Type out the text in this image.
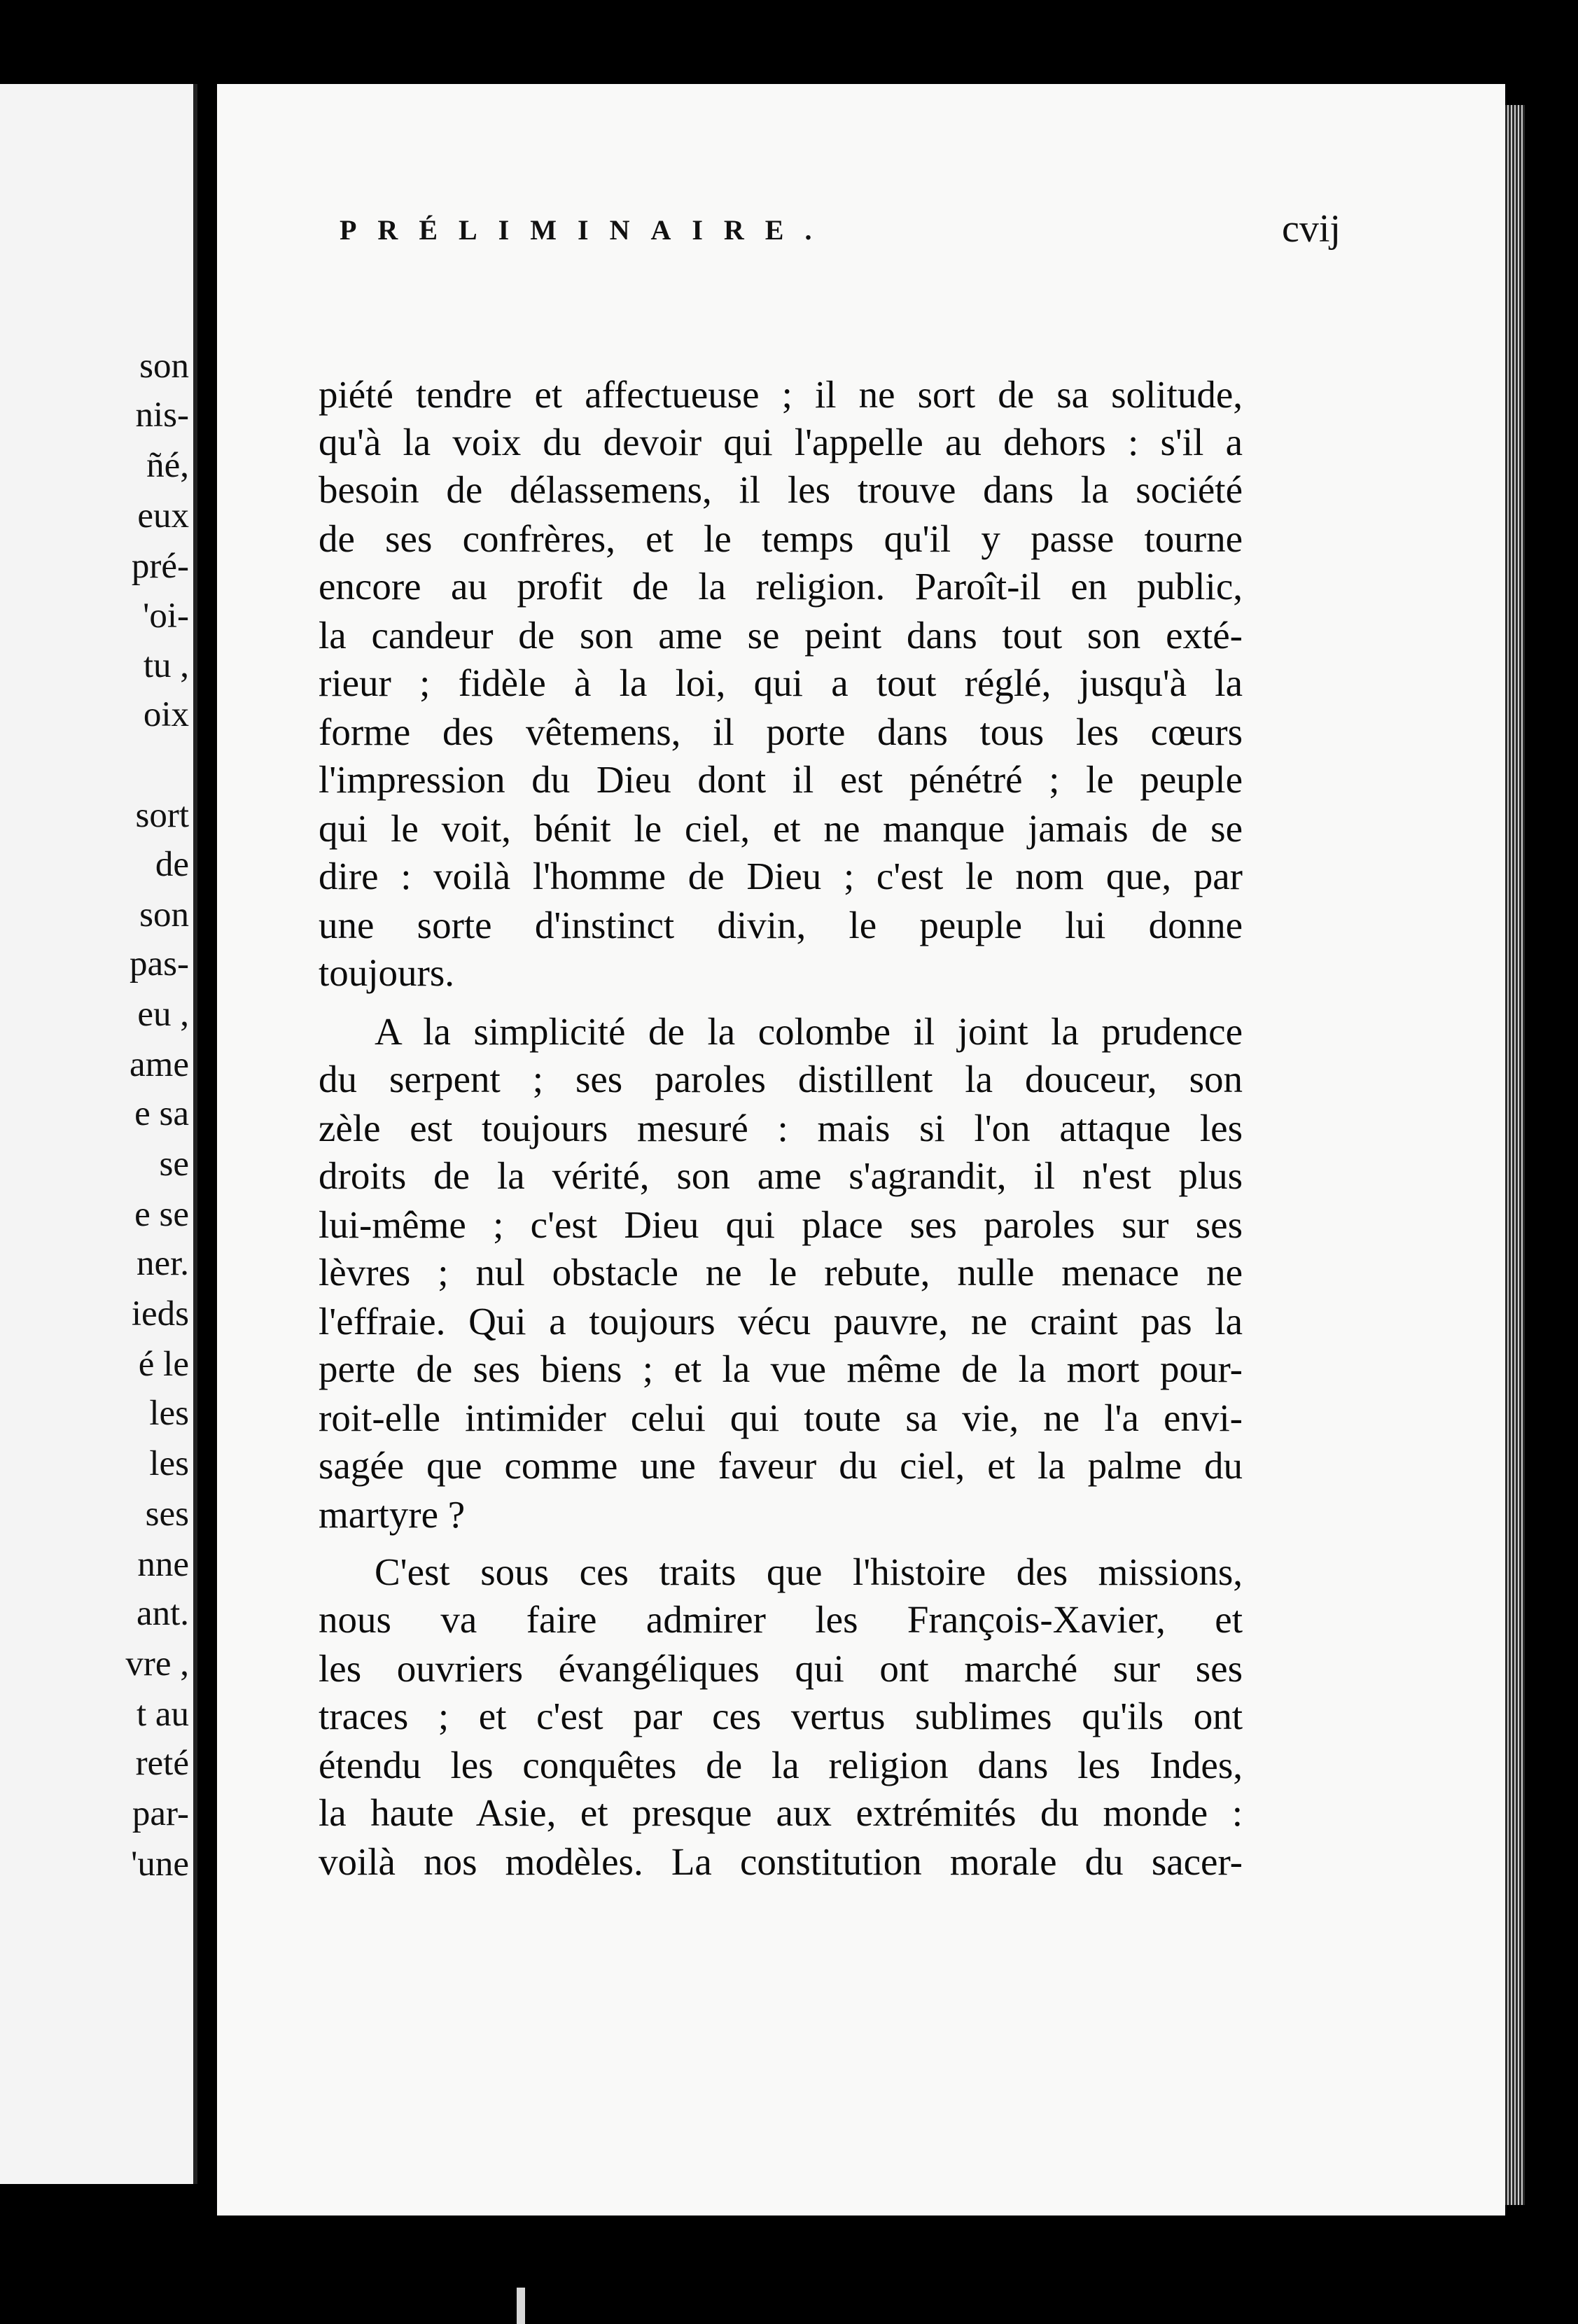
son
nis-
ñé,
eux
pré-
'oi-
tu ,
oix
sort
de
son
pas-
eu ,
ame
e sa
se
e se
ner.
ieds
é le
les
les
ses
nne
ant.
vre ,
t au
reté
par-
'une
PRÉLIMINAIRE.	cvij
piété tendre et affectueuse ; il ne sort de sa solitude,
qu'à la voix du devoir qui l'appelle au dehors : s'il a
besoin de délassemens, il les trouve dans la société
de ses confrères, et le temps qu'il y passe tourne
encore au profit de la religion. Paroît-il en public,
la candeur de son ame se peint dans tout son exté-
rieur ; fidèle à la loi, qui a tout réglé, jusqu'à la
forme des vêtemens, il porte dans tous les cœurs
l'impression du Dieu dont il est pénétré ; le peuple
qui le voit, bénit le ciel, et ne manque jamais de se
dire : voilà l'homme de Dieu ; c'est le nom que, par
une sorte d'instinct divin, le peuple lui donne
toujours.
A la simplicité de la colombe il joint la prudence
du serpent ; ses paroles distillent la douceur, son
zèle est toujours mesuré : mais si l'on attaque les
droits de la vérité, son ame s'agrandit, il n'est plus
lui-même ; c'est Dieu qui place ses paroles sur ses
lèvres ; nul obstacle ne le rebute, nulle menace ne
l'effraie. Qui a toujours vécu pauvre, ne craint pas la
perte de ses biens ; et la vue même de la mort pour-
roit-elle intimider celui qui toute sa vie, ne l'a envi-
sagée que comme une faveur du ciel, et la palme du
martyre ?
C'est sous ces traits que l'histoire des missions,
nous va faire admirer les François-Xavier, et
les ouvriers évangéliques qui ont marché sur ses
traces ; et c'est par ces vertus sublimes qu'ils ont
étendu les conquêtes de la religion dans les Indes,
la haute Asie, et presque aux extrémités du monde :
voilà nos modèles. La constitution morale du sacer-
